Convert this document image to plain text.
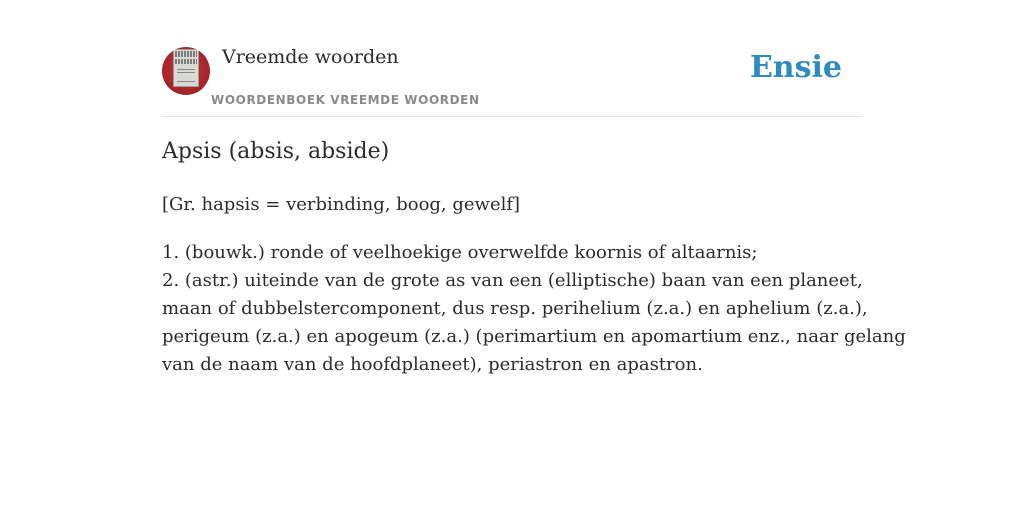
Vreemde woorden
WOORDENBOEK VREEMDE WOORDEN
Ensie
Apsis (absis, abside)
[Gr. hapsis = verbinding, boog, gewelf]
1. (bouwk.) ronde of veelhoekige overwelfde koornis of altaarnis;
2. (astr.) uiteinde van de grote as van een (elliptische) baan van een planeet,
maan of dubbelstercomponent, dus resp. perihelium (z.a.) en aphelium (z.a.),
perigeum (z.a.) en apogeum (z.a.) (perimartium en apomartium enz., naar gelang
van de naam van de hoofdplaneet), periastron en apastron.
